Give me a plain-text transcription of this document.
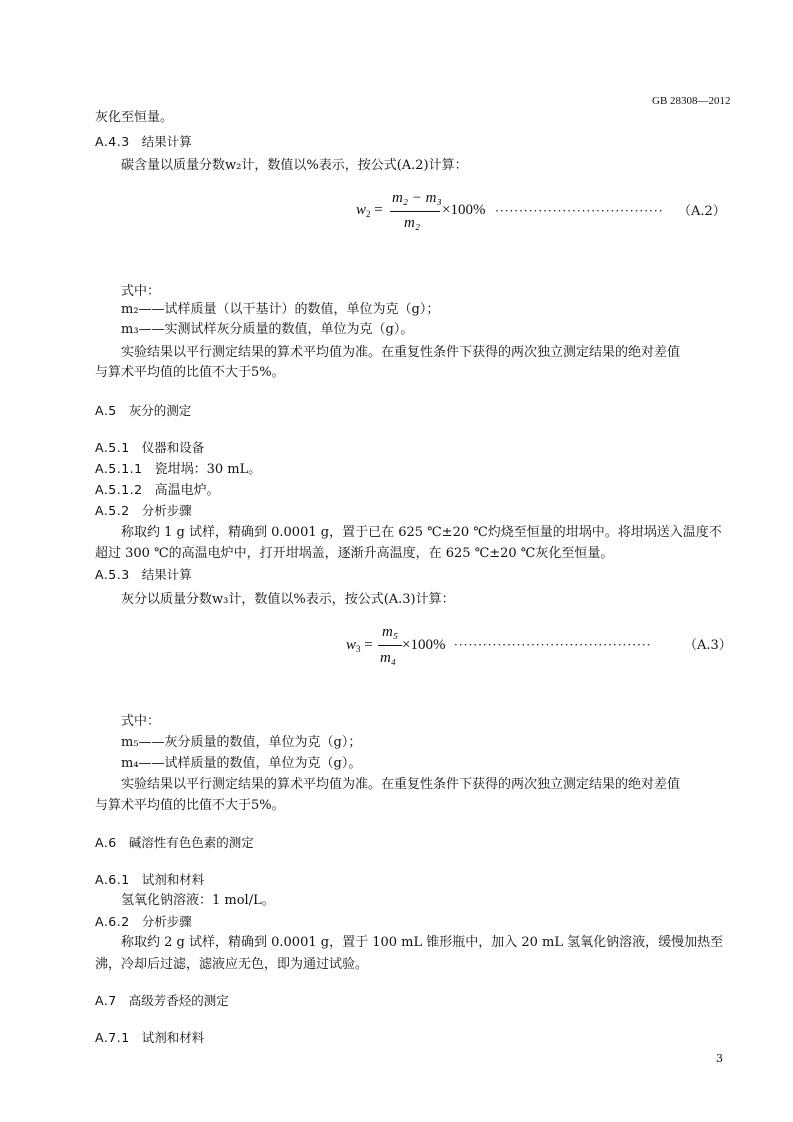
GB 28308—2012
灰化至恒量。
A.4.3 结果计算
碳含量以质量分数w₂计，数值以%表示，按公式(A.2)计算：
$w_2$ =
m₂ − m₃
m₂
×100% ··································· （A.2）
式中：
m₂——试样质量（以干基计）的数值，单位为克（g）；
m₃——实测试样灰分质量的数值，单位为克（g）。
实验结果以平行测定结果的算术平均值为准。在重复性条件下获得的两次独立测定结果的绝对差值
与算术平均值的比值不大于5%。
A.5 灰分的测定
A.5.1 仪器和设备
A.5.1.1 瓷坩埚：30 mL。
A.5.1.2 高温电炉。
A.5.2 分析步骤
称取约 1 g 试样，精确到 0.0001 g，置于已在 625 ℃±20 ℃灼烧至恒量的坩埚中。将坩埚送入温度不
超过 300 ℃的高温电炉中，打开坩埚盖，逐渐升高温度，在 625 ℃±20 ℃灰化至恒量。
A.5.3 结果计算
灰分以质量分数w₃计，数值以%表示，按公式(A.3)计算：
$w_3$ =
m₅
m₄
×100% ·········································	（A.3）
式中：
m₅——灰分质量的数值，单位为克（g）；
m₄——试样质量的数值，单位为克（g）。
实验结果以平行测定结果的算术平均值为准。在重复性条件下获得的两次独立测定结果的绝对差值
与算术平均值的比值不大于5%。
A.6 碱溶性有色色素的测定
A.6.1 试剂和材料
氢氧化钠溶液：1 mol/L。
A.6.2 分析步骤
称取约 2 g 试样，精确到 0.0001 g，置于 100 mL 锥形瓶中，加入 20 mL 氢氧化钠溶液，缓慢加热至
沸，冷却后过滤，滤液应无色，即为通过试验。
A.7 高级芳香烃的测定
A.7.1 试剂和材料
3
